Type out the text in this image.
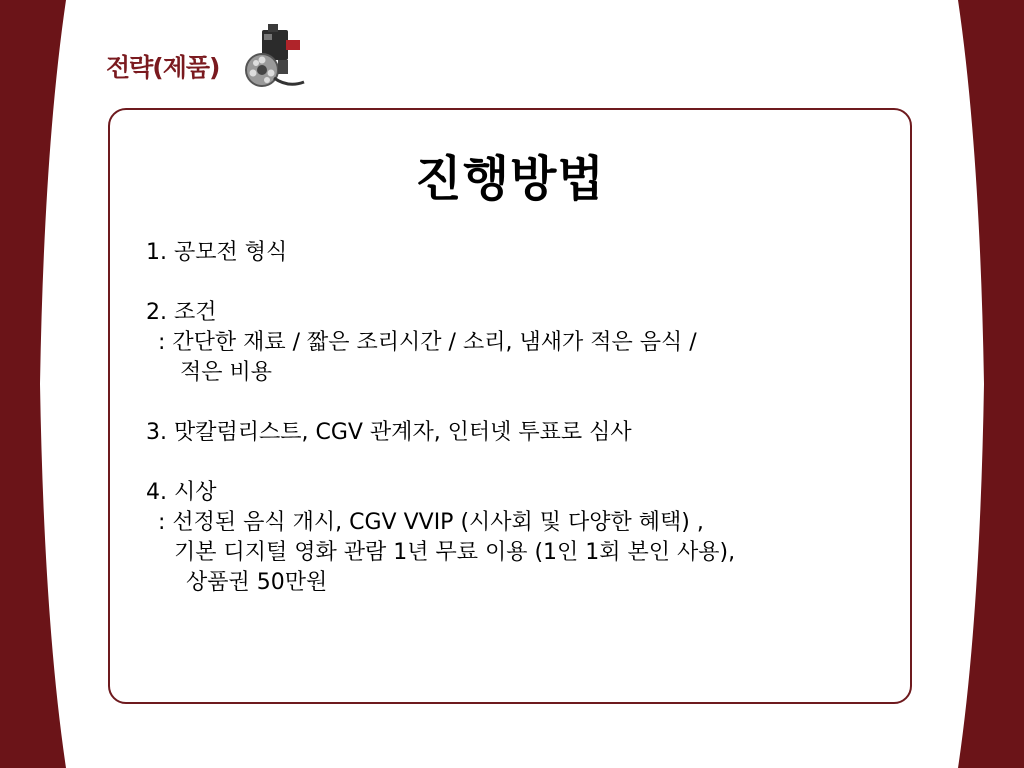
전략(제품)
진행방법
1. 공모전 형식
2. 조건
: 간단한 재료 / 짧은 조리시간 / 소리, 냄새가 적은 음식 /
적은 비용
3. 맛칼럼리스트, CGV 관계자, 인터넷 투표로 심사
4. 시상
: 선정된 음식 개시, CGV VVIP (시사회 및 다양한 혜택) ,
기본 디지털 영화 관람 1년 무료 이용 (1인 1회 본인 사용),
상품권 50만원
